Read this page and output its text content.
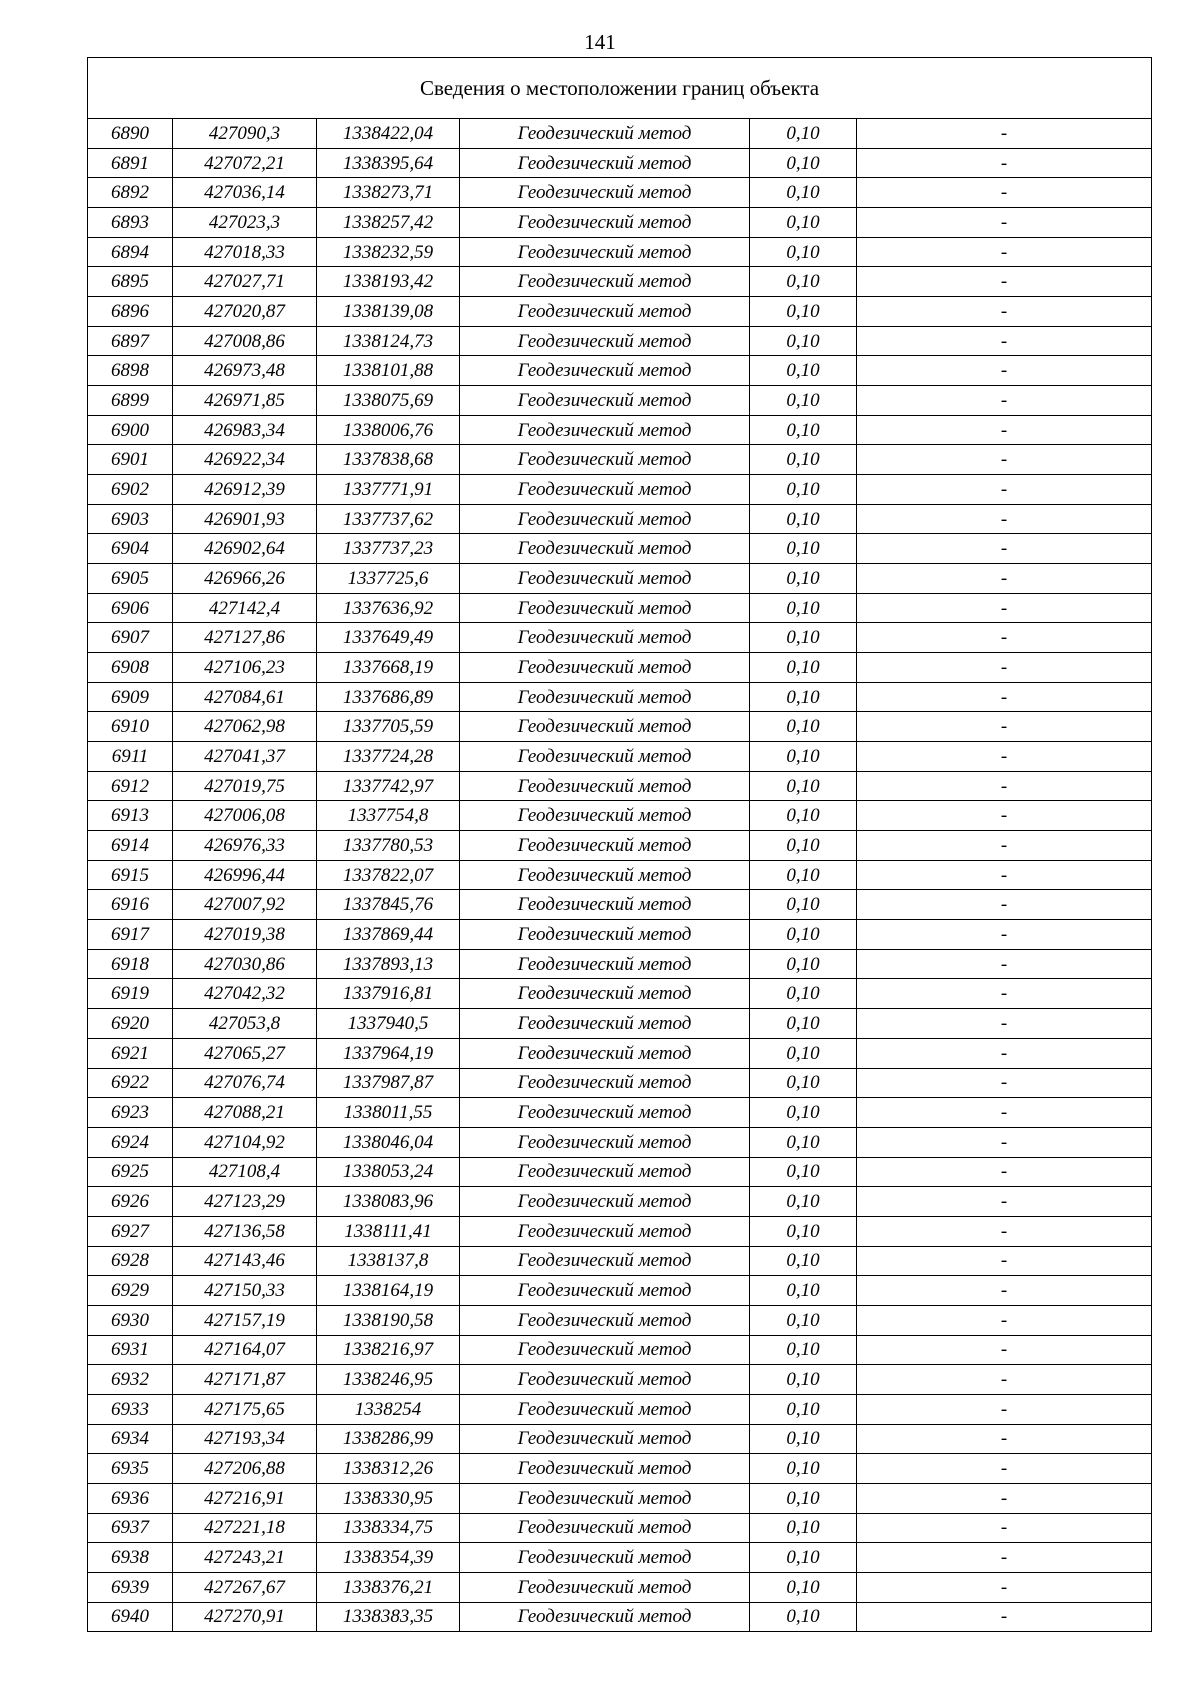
141
Сведения о местоположении границ объекта					
6890	427090,3	1338422,04	Геодезический метод	0,10	-
6891	427072,21	1338395,64	Геодезический метод	0,10	-
6892	427036,14	1338273,71	Геодезический метод	0,10	-
6893	427023,3	1338257,42	Геодезический метод	0,10	-
6894	427018,33	1338232,59	Геодезический метод	0,10	-
6895	427027,71	1338193,42	Геодезический метод	0,10	-
6896	427020,87	1338139,08	Геодезический метод	0,10	-
6897	427008,86	1338124,73	Геодезический метод	0,10	-
6898	426973,48	1338101,88	Геодезический метод	0,10	-
6899	426971,85	1338075,69	Геодезический метод	0,10	-
6900	426983,34	1338006,76	Геодезический метод	0,10	-
6901	426922,34	1337838,68	Геодезический метод	0,10	-
6902	426912,39	1337771,91	Геодезический метод	0,10	-
6903	426901,93	1337737,62	Геодезический метод	0,10	-
6904	426902,64	1337737,23	Геодезический метод	0,10	-
6905	426966,26	1337725,6	Геодезический метод	0,10	-
6906	427142,4	1337636,92	Геодезический метод	0,10	-
6907	427127,86	1337649,49	Геодезический метод	0,10	-
6908	427106,23	1337668,19	Геодезический метод	0,10	-
6909	427084,61	1337686,89	Геодезический метод	0,10	-
6910	427062,98	1337705,59	Геодезический метод	0,10	-
6911	427041,37	1337724,28	Геодезический метод	0,10	-
6912	427019,75	1337742,97	Геодезический метод	0,10	-
6913	427006,08	1337754,8	Геодезический метод	0,10	-
6914	426976,33	1337780,53	Геодезический метод	0,10	-
6915	426996,44	1337822,07	Геодезический метод	0,10	-
6916	427007,92	1337845,76	Геодезический метод	0,10	-
6917	427019,38	1337869,44	Геодезический метод	0,10	-
6918	427030,86	1337893,13	Геодезический метод	0,10	-
6919	427042,32	1337916,81	Геодезический метод	0,10	-
6920	427053,8	1337940,5	Геодезический метод	0,10	-
6921	427065,27	1337964,19	Геодезический метод	0,10	-
6922	427076,74	1337987,87	Геодезический метод	0,10	-
6923	427088,21	1338011,55	Геодезический метод	0,10	-
6924	427104,92	1338046,04	Геодезический метод	0,10	-
6925	427108,4	1338053,24	Геодезический метод	0,10	-
6926	427123,29	1338083,96	Геодезический метод	0,10	-
6927	427136,58	1338111,41	Геодезический метод	0,10	-
6928	427143,46	1338137,8	Геодезический метод	0,10	-
6929	427150,33	1338164,19	Геодезический метод	0,10	-
6930	427157,19	1338190,58	Геодезический метод	0,10	-
6931	427164,07	1338216,97	Геодезический метод	0,10	-
6932	427171,87	1338246,95	Геодезический метод	0,10	-
6933	427175,65	1338254	Геодезический метод	0,10	-
6934	427193,34	1338286,99	Геодезический метод	0,10	-
6935	427206,88	1338312,26	Геодезический метод	0,10	-
6936	427216,91	1338330,95	Геодезический метод	0,10	-
6937	427221,18	1338334,75	Геодезический метод	0,10	-
6938	427243,21	1338354,39	Геодезический метод	0,10	-
6939	427267,67	1338376,21	Геодезический метод	0,10	-
6940	427270,91	1338383,35	Геодезический метод	0,10	-
